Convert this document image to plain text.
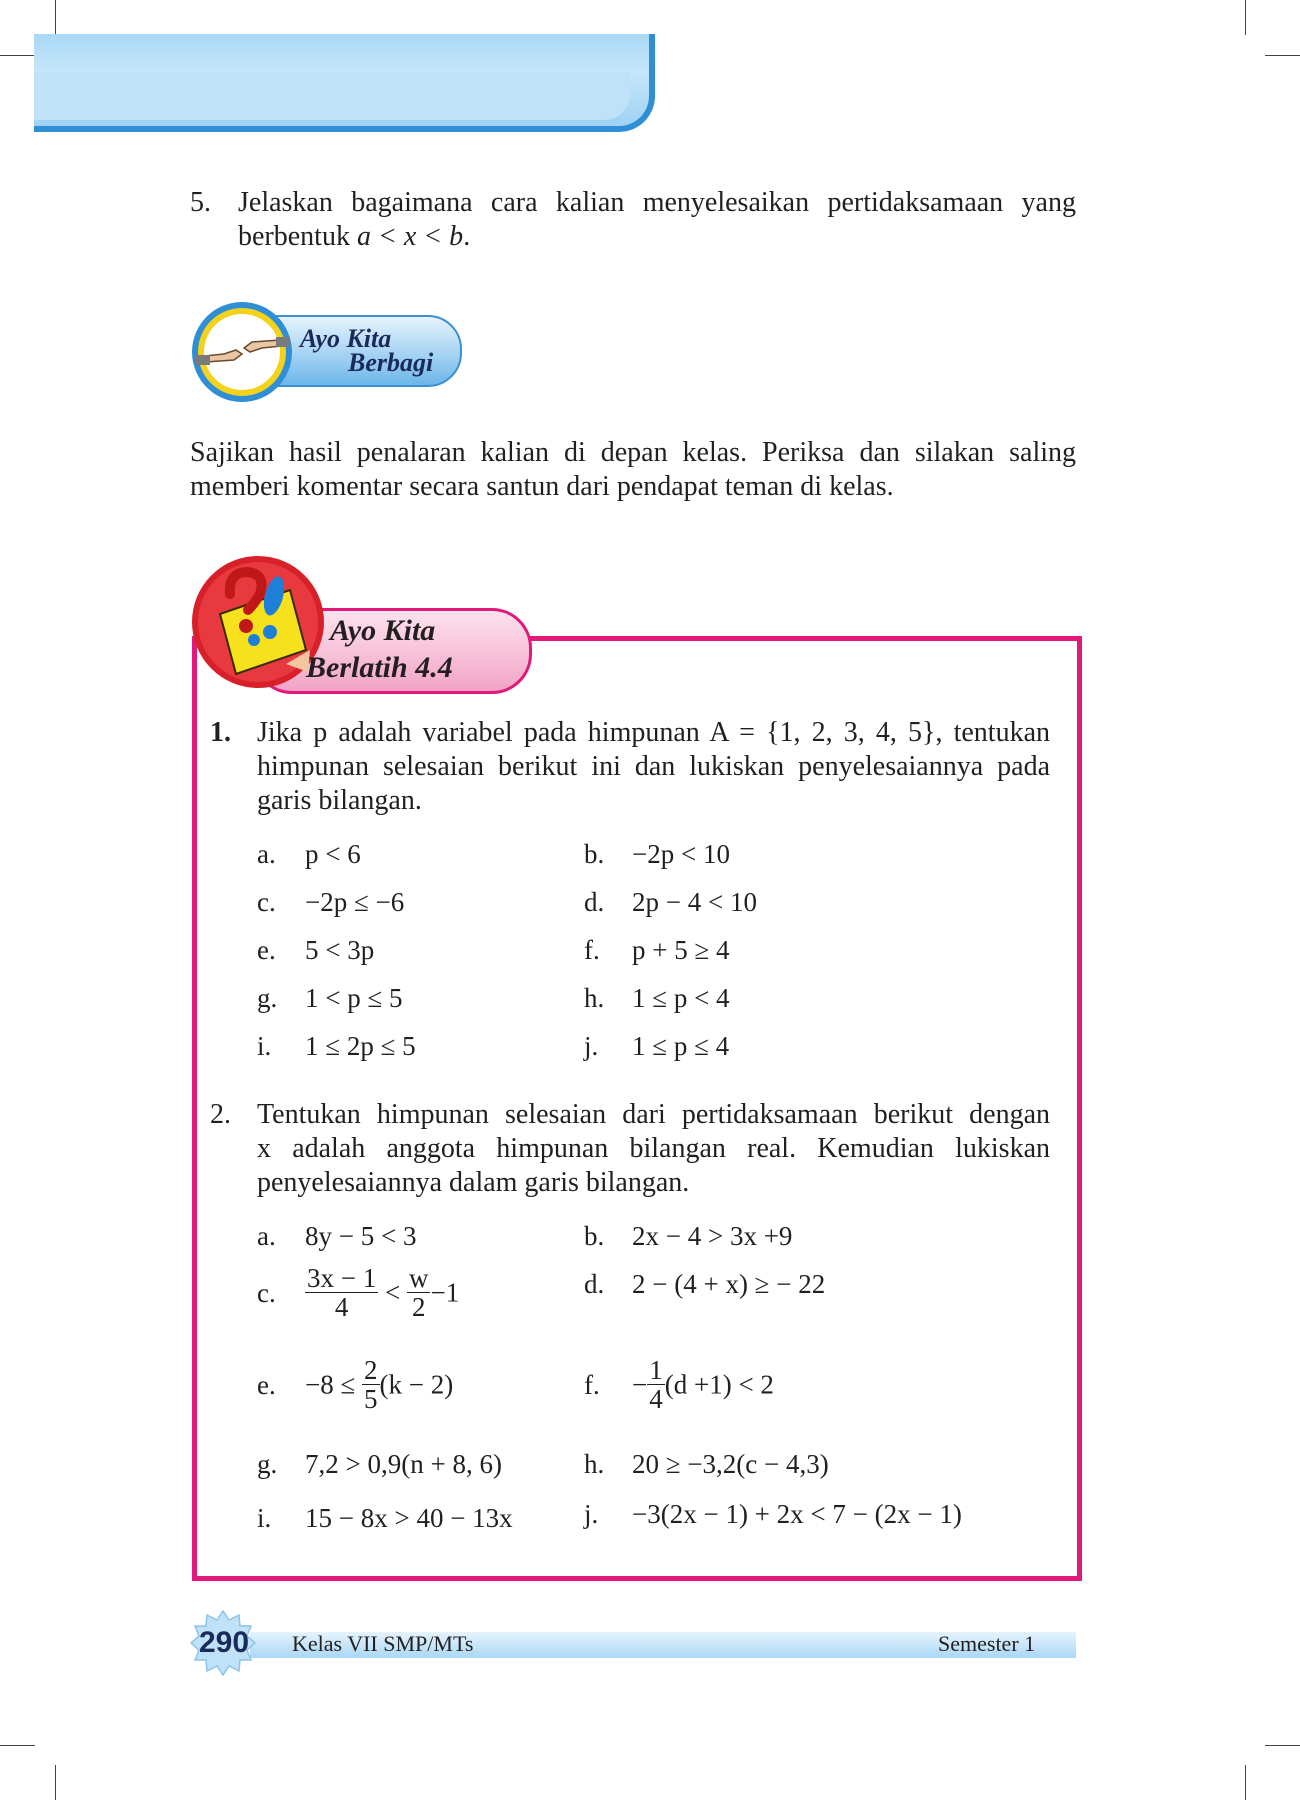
5. Jelaskan bagaimana cara kalian menyelesaikan pertidaksamaan yang
berbentuk a < x < b.
Ayo Kita
Berbagi
Sajikan hasil penalaran kalian di depan kelas. Periksa dan silakan saling
memberi komentar secara santun dari pendapat teman di kelas.
Ayo Kita
Berlatih 4.4
1. Jika p adalah variabel pada himpunan A = {1, 2, 3, 4, 5}, tentukan
himpunan selesaian berikut ini dan lukiskan penyelesaiannya pada
garis bilangan.
a. p < 6	b. −2p < 10
c. −2p ≤ −6	d. 2p − 4 < 10
e. 5 < 3p	f. p + 5 ≥ 4
g. 1 < p ≤ 5	h. 1 ≤ p < 4
i. 1 ≤ 2p ≤ 5	j. 1 ≤ p ≤ 4
2. Tentukan himpunan selesaian dari pertidaksamaan berikut dengan
x adalah anggota himpunan bilangan real. Kemudian lukiskan
penyelesaiannya dalam garis bilangan.
a. 8y − 5 < 3	b. 2x − 4 > 3x +9
c. $\frac{3x - 1}{4} < \frac{w}{2} -1$	d. 2 − (4 + x) ≥ − 22
e. $-8 \le \frac{2}{5} (k - 2)$	f. − $\frac{1}{4} (d +1) < 2$
g. 7,2 > 0,9(n + 8, 6)	h. 20 ≥ −3,2(c − 4,3)
i. 15 − 8x > 40 − 13x	j. −3(2x − 1) + 2x < 7 − (2x − 1)
290 Kelas VII SMP/MTs	Semester 1
